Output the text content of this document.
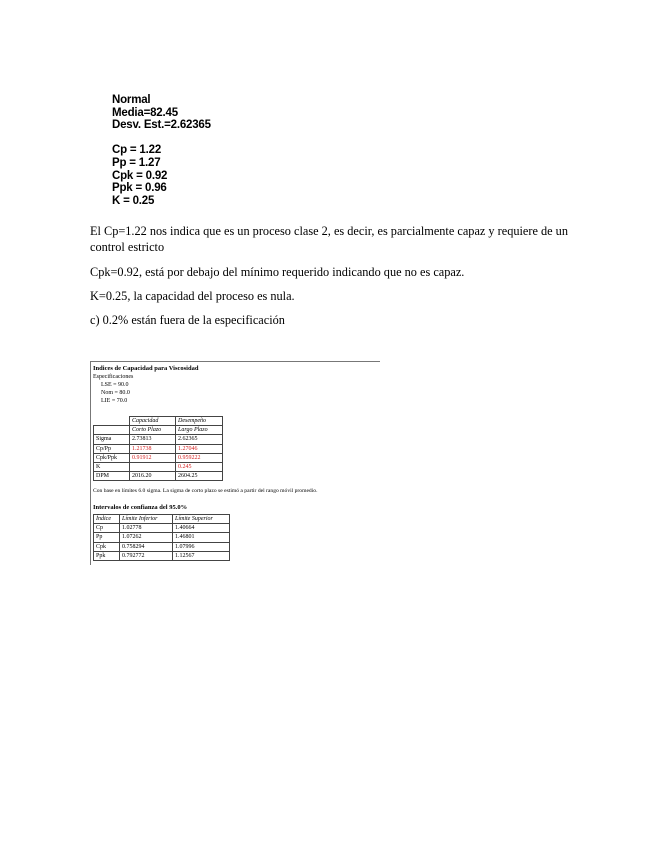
Normal
Media=82.45
Desv. Est.=2.62365
Cp = 1.22
Pp = 1.27
Cpk = 0.92
Ppk = 0.96
K = 0.25
El Cp=1.22 nos indica que es un proceso clase 2, es decir, es parcialmente capaz y requiere de un control estricto
Cpk=0.92, está por debajo del mínimo requerido indicando que no es capaz.
K=0.25, la capacidad del proceso es nula.
c) 0.2% están fuera de la especificación
Indices de Capacidad para Viscosidad
Especificaciones
LSE = 90.0
Nom = 80.0
LIE = 70.0
	Capacidad	Desempeño
	Corto Plazo	Largo Plazo
Sigma	2.73813	2.62365
Cp/Pp	1.21738	1.27046
Cpk/Ppk	0.91912	0.959222
K		0.245
DPM	2016.20	2604.25
Con base en límites 6.0 sigma. La sigma de corto plazo se estimó a partir del rango móvil promedio.
Intervalos de confianza del 95.0%
Índice	Límite Inferior	Límite Superior
Cp	1.02778	1.40664
Pp	1.07262	1.46801
Cpk	0.758294	1.07996
Ppk	0.792772	1.12567
